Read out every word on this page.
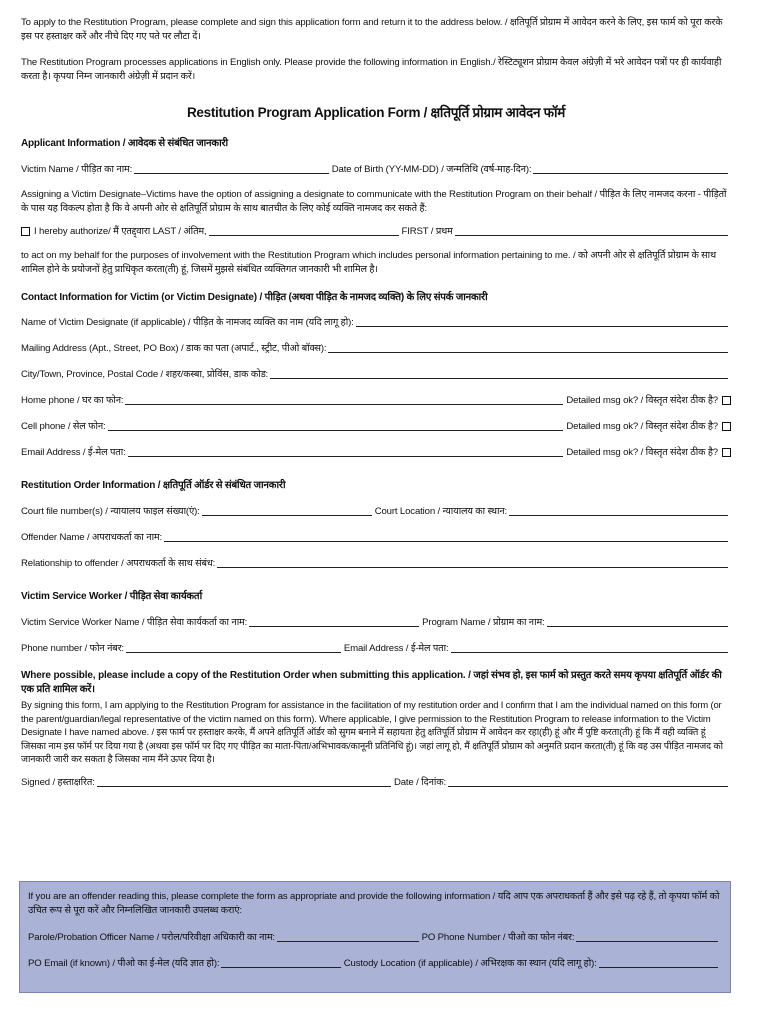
To apply to the Restitution Program, please complete and sign this application form and return it to the address below. / क्षतिपूर्ति प्रोग्राम में आवेदन करने के लिए, इस फार्म को पूरा करके इस पर हस्ताक्षर करें और नीचे दिए गए पते पर लौटा दें।

The Restitution Program processes applications in English only. Please provide the following information in English./ रेस्टिट्यूशन प्रोग्राम केवल अंग्रेज़ी में भरे आवेदन पत्रों पर ही कार्यवाही करता है। कृपया निम्न जानकारी अंग्रेज़ी में प्रदान करें।

Restitution Program Application Form / क्षतिपूर्ति प्रोग्राम आवेदन फॉर्म
Applicant Information / आवेदक से संबंधित जानकारी
Victim Name / पीड़ित का नाम:	Date of Birth (YY-MM-DD) / जन्मतिथि (वर्ष-माह-दिन):

Assigning a Victim Designate–Victims have the option of assigning a designate to communicate with the Restitution Program on their behalf / पीड़ित के लिए नामजद करना - पीड़ितों के पास यह विकल्प होता है कि वे अपनी ओर से क्षतिपूर्ति प्रोग्राम के साथ बातचीत के लिए कोई व्यक्ति नामजद कर सकते हैं:

I hereby authorize/ मैं एतद्द्वारा LAST / अंतिम,	FIRST / प्रथम

to act on my behalf for the purposes of involvement with the Restitution Program which includes personal information pertaining to me. / को अपनी ओर से क्षतिपूर्ति प्रोग्राम के साथ शामिल होने के प्रयोजनों हेतु प्राधिकृत करता(ती) हूं, जिसमें मुझसे संबंधित व्यक्तिगत जानकारी भी शामिल है।

Contact Information for Victim (or Victim Designate) / पीड़ित (अथवा पीड़ित के नामजद व्यक्ति) के लिए संपर्क जानकारी
Name of Victim Designate (if applicable) / पीड़ित के नामजद व्यक्ति का नाम (यदि लागू हो):
Mailing Address (Apt., Street, PO Box) / डाक का पता (अपार्ट., स्ट्रीट, पीओ बॉक्स):
City/Town, Province, Postal Code / शहर/कस्बा, प्रोविंस, डाक कोड:
Home phone / घर का फोन:	Detailed msg ok? / विस्तृत संदेश ठीक है?
Cell phone / सेल फोन:	Detailed msg ok? / विस्तृत संदेश ठीक है?
Email Address / ई-मेल पता:	Detailed msg ok? / विस्तृत संदेश ठीक है?
Restitution Order Information / क्षतिपूर्ति ऑर्डर से संबंधित जानकारी
Court file number(s) / न्यायालय फाइल संख्या(एं):	Court Location / न्यायालय का स्थान:
Offender Name / अपराधकर्ता का नाम:
Relationship to offender / अपराधकर्ता के साथ संबंध:
Victim Service Worker / पीड़ित सेवा कार्यकर्ता
Victim Service Worker Name / पीड़ित सेवा कार्यकर्ता का नाम:	Program Name / प्रोग्राम का नाम:
Phone number / फोन नंबर:	Email Address / ई-मेल पता:

Where possible, please include a copy of the Restitution Order when submitting this application. / जहां संभव हो, इस फार्म को प्रस्तुत करते समय कृपया क्षतिपूर्ति ऑर्डर की एक प्रति शामिल करें।

By signing this form, I am applying to the Restitution Program for assistance in the facilitation of my restitution order and I confirm that I am the individual named on this form (or the parent/guardian/legal representative of the victim named on this form). Where applicable, I give permission to the Restitution Program to release information to the Victim Designate I have named above. / इस फार्म पर हस्ताक्षर करके, मैं अपने क्षतिपूर्ति ऑर्डर को सुगम बनाने में सहायता हेतु क्षतिपूर्ति प्रोग्राम में आवेदन कर रहा(ही) हूं और मैं पुष्टि करता(ती) हूं कि मैं वही व्यक्ति हूं जिसका नाम इस फॉर्म पर दिया गया है (अथवा इस फॉर्म पर दिए गए पीड़ित का माता-पिता/अभिभावक/कानूनी प्रतिनिधि हूं)। जहां लागू हो, मैं क्षतिपूर्ति प्रोग्राम को अनुमति प्रदान करता(ती) हूं कि वह उस पीड़ित नामजद को जानकारी जारी कर सकता है जिसका नाम मैंने ऊपर दिया है।

Signed / हस्ताक्षरित:	Date / दिनांक:

If you are an offender reading this, please complete the form as appropriate and provide the following information / यदि आप एक अपराधकर्ता हैं और इसे पढ़ रहे हैं, तो कृपया फॉर्म को उचित रूप से पूरा करें और निम्नलिखित जानकारी उपलब्ध कराएं:

Parole/Probation Officer Name / परोल/परिवीक्षा अधिकारी का नाम:	PO Phone Number / पीओ का फोन नंबर:
PO Email (if known) / पीओ का ई-मेल (यदि ज्ञात हो):	Custody Location (if applicable) / अभिरक्षक का स्थान (यदि लागू हो):
